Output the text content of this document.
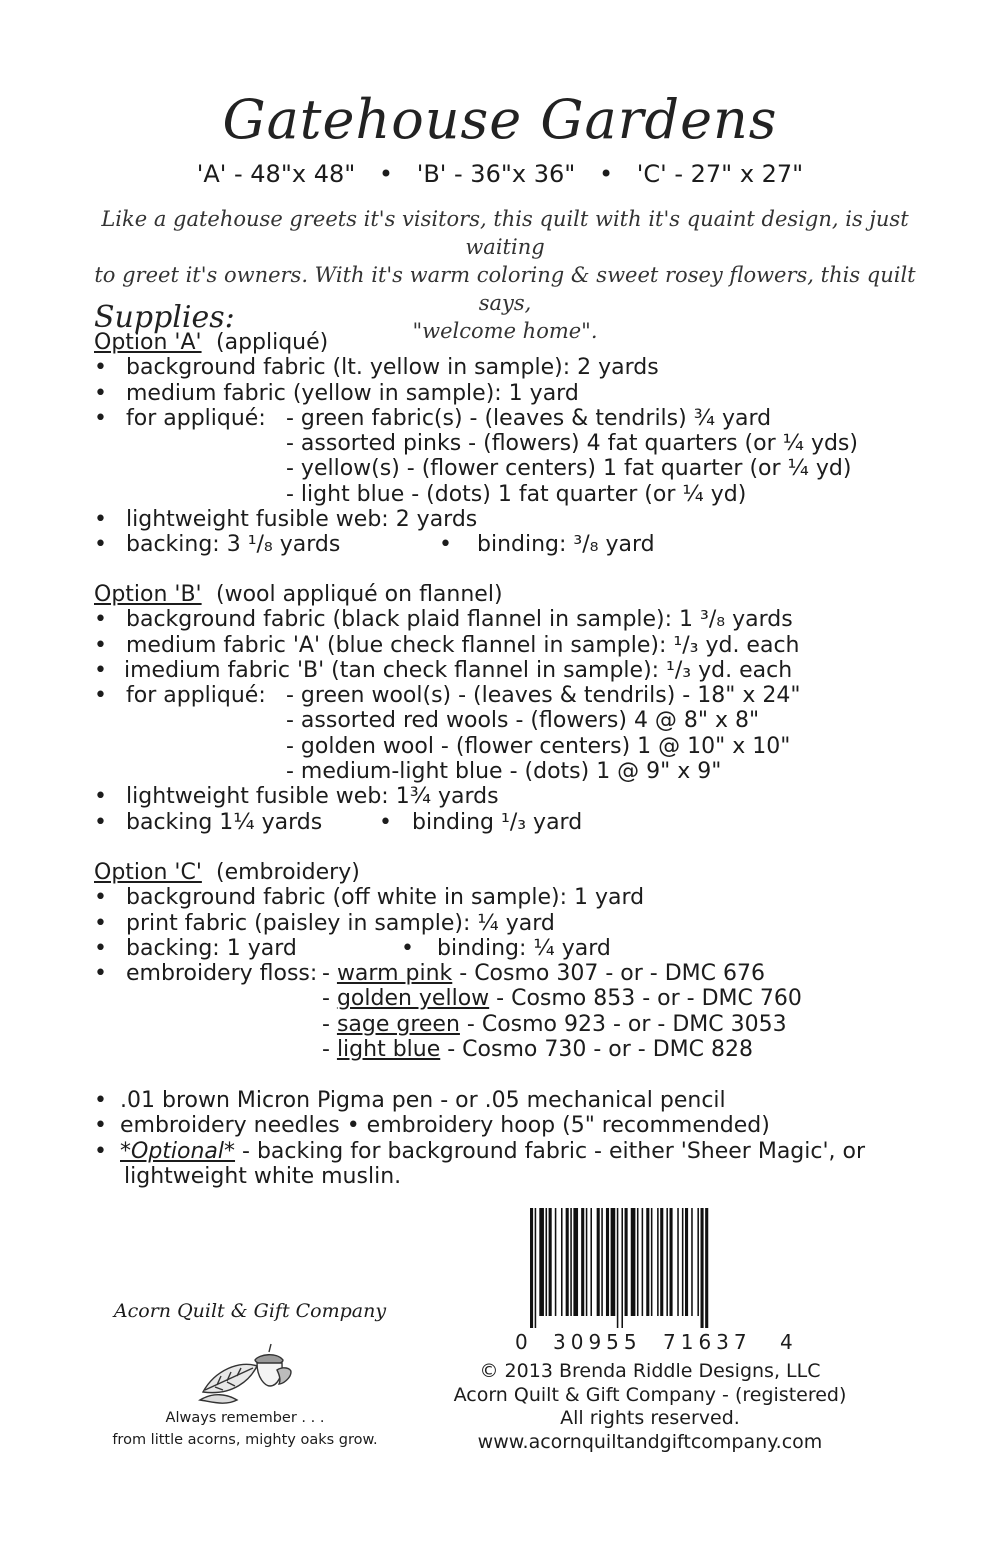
Gatehouse Gardens
'A' - 48"x 48" • 'B' - 36"x 36" • 'C' - 27" x 27"
Like a gatehouse greets it's visitors, this quilt with it's quaint design, is just waiting
to greet it's owners. With it's warm coloring & sweet rosey flowers, this quilt says,
"welcome home".
Supplies:
Option 'A' (appliqué)
• background fabric (lt. yellow in sample): 2 yards
• medium fabric (yellow in sample): 1 yard
• for appliqué: - green fabric(s) - (leaves & tendrils) ¾ yard
- assorted pinks - (flowers) 4 fat quarters (or ¼ yds)
- yellow(s) - (flower centers) 1 fat quarter (or ¼ yd)
- light blue - (dots) 1 fat quarter (or ¼ yd)
• lightweight fusible web: 2 yards
• backing: 3 ¹/₈ yards	• binding: ³/₈ yard
Option 'B' (wool appliqué on flannel)
• background fabric (black plaid flannel in sample): 1 ³/₈ yards
• medium fabric 'A' (blue check flannel in sample): ¹/₃ yd. each
• imedium fabric 'B' (tan check flannel in sample): ¹/₃ yd. each
• for appliqué: - green wool(s) - (leaves & tendrils) - 18" x 24"
- assorted red wools - (flowers) 4 @ 8" x 8"
- golden wool - (flower centers) 1 @ 10" x 10"
- medium-light blue - (dots) 1 @ 9" x 9"
• lightweight fusible web: 1¾ yards
• backing 1¼ yards	• binding ¹/₃ yard
Option 'C' (embroidery)
• background fabric (off white in sample): 1 yard
• print fabric (paisley in sample): ¼ yard
• backing: 1 yard	• binding: ¼ yard
• embroidery floss: - warm pink - Cosmo 307 - or - DMC 676
- golden yellow - Cosmo 853 - or - DMC 760
- sage green - Cosmo 923 - or - DMC 3053
- light blue - Cosmo 730 - or - DMC 828
• .01 brown Micron Pigma pen - or .05 mechanical pencil
• embroidery needles • embroidery hoop (5" recommended)
• *Optional* - backing for background fabric - either 'Sheer Magic', or
lightweight white muslin.
0 30955 71637 4
© 2013 Brenda Riddle Designs, LLC
Acorn Quilt & Gift Company - (registered)
All rights reserved.
www.acornquiltandgiftcompany.com
Acorn Quilt & Gift Company
Always remember . . .
from little acorns, mighty oaks grow.
